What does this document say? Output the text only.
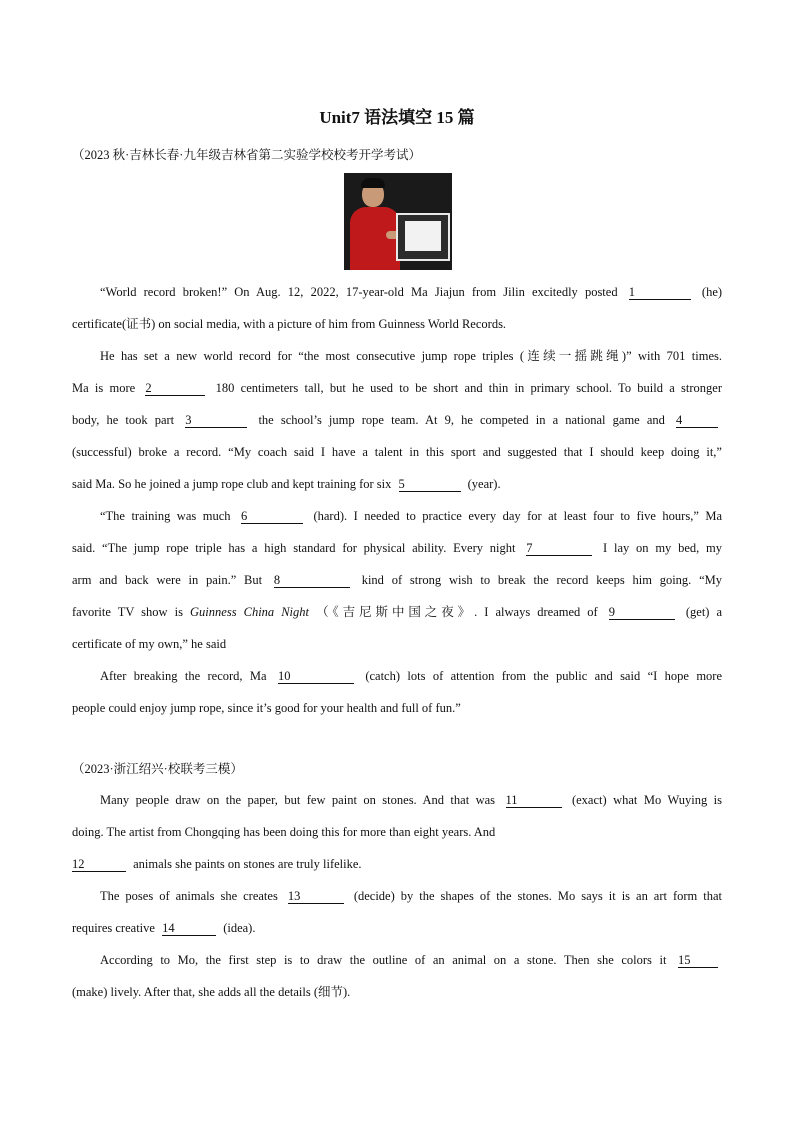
Unit7 语法填空 15 篇
（2023 秋·吉林长春·九年级吉林省第二实验学校校考开学考试）
“World record broken!” On Aug. 12, 2022, 17-year-old Ma Jiajun from Jilin excitedly posted 1	(he)
certificate(证书) on social media, with a picture of him from Guinness World Records.
He has set a new world record for “the most consecutive jump rope triples (连续一摇跳绳)” with 701 times.
Ma is more 2	180 centimeters tall, but he used to be short and thin in primary school. To build a stronger
body, he took part 3	the school’s jump rope team. At 9, he competed in a national game and 4
(successful) broke a record. “My coach said I have a talent in this sport and suggested that I should keep doing it,”
said Ma. So he joined a jump rope club and kept training for six 5	(year).
“The training was much 6	(hard). I needed to practice every day for at least four to five hours,” Ma
said. “The jump rope triple has a high standard for physical ability. Every night 7	I lay on my bed, my
arm and back were in pain.” But 8	kind of strong wish to break the record keeps him going. “My
favorite TV show is Guinness China Night （《吉尼斯中国之夜》. I always dreamed of 9	(get) a
certificate of my own,” he said
After breaking the record, Ma 10	(catch) lots of attention from the public and said “I hope more
people could enjoy jump rope, since it’s good for your health and full of fun.”
（2023·浙江绍兴·校联考三模）
Many people draw on the paper, but few paint on stones. And that was 11	(exact) what Mo Wuying is
doing. The artist from Chongqing has been doing this for more than eight years. And
12	animals she paints on stones are truly lifelike.
The poses of animals she creates 13	(decide) by the shapes of the stones. Mo says it is an art form that
requires creative 14	(idea).
According to Mo, the first step is to draw the outline of an animal on a stone. Then she colors it 15
(make) lively. After that, she adds all the details (细节).
